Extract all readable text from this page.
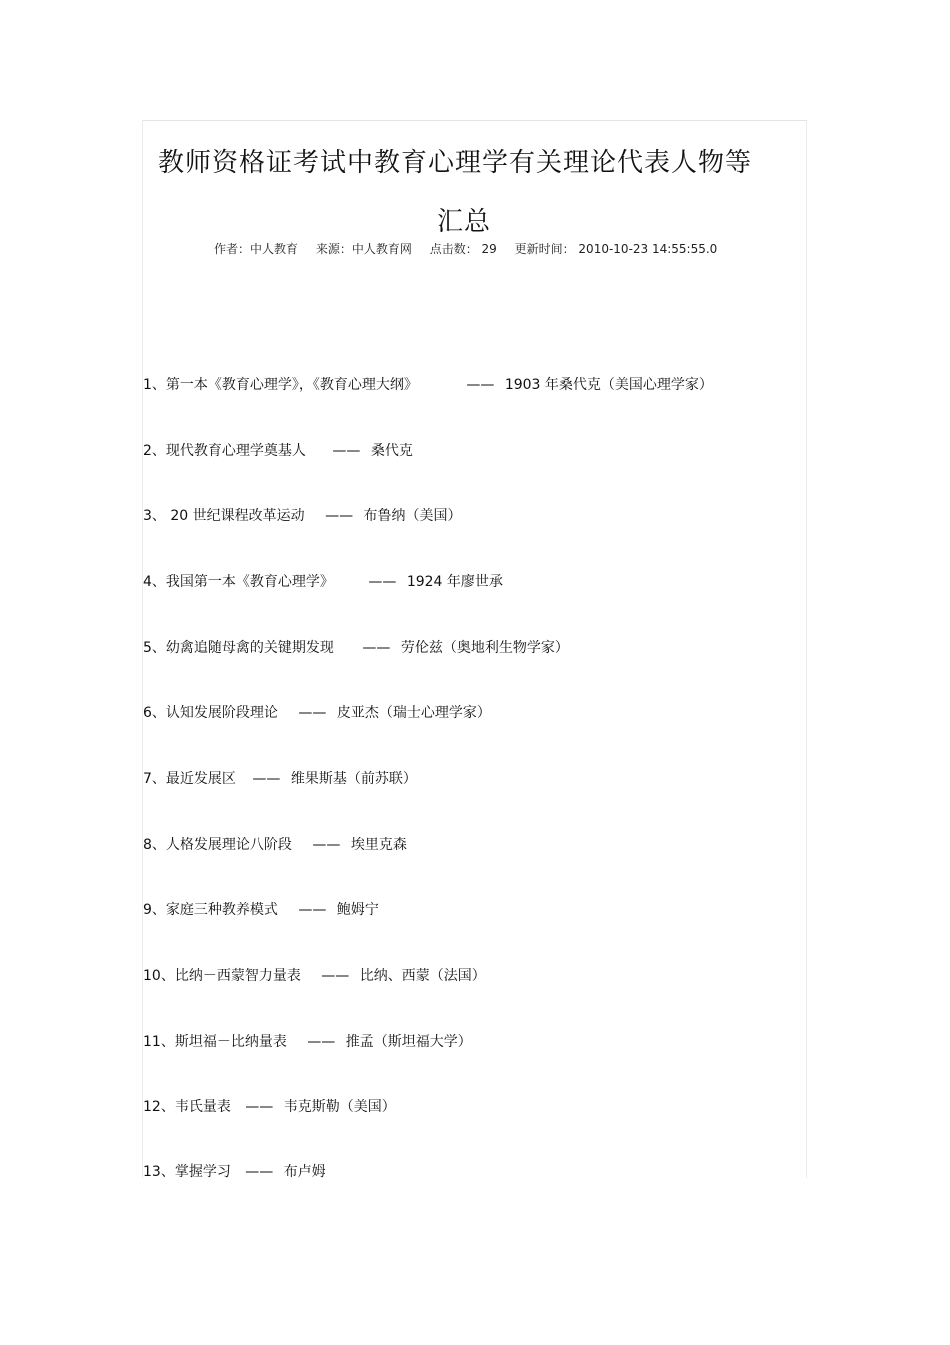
教师资格证考试中教育心理学有关理论代表人物等
汇总
作者：中人教育 来源：中人教育网 点击数： 29 更新时间： 2010-10-23 14:55:55.0
1、第一本《教育心理学》，《教育心理大纲》	—— 1903 年桑代克（美国心理学家）
2、现代教育心理学奠基人 —— 桑代克
3、 20 世纪课程改革运动 —— 布鲁纳（美国）
4、我国第一本《教育心理学》 —— 1924 年廖世承
5、幼禽追随母禽的关键期发现 —— 劳伦兹（奥地利生物学家）
6、认知发展阶段理论 —— 皮亚杰（瑞士心理学家）
7、最近发展区 —— 维果斯基（前苏联）
8、人格发展理论八阶段 —— 埃里克森
9、家庭三种教养模式 —— 鲍姆宁
10、比纳－西蒙智力量表 —— 比纳、西蒙（法国）
11、斯坦福－比纳量表 —— 推孟（斯坦福大学）
12、韦氏量表 —— 韦克斯勒（美国）
13、掌握学习 —— 布卢姆
